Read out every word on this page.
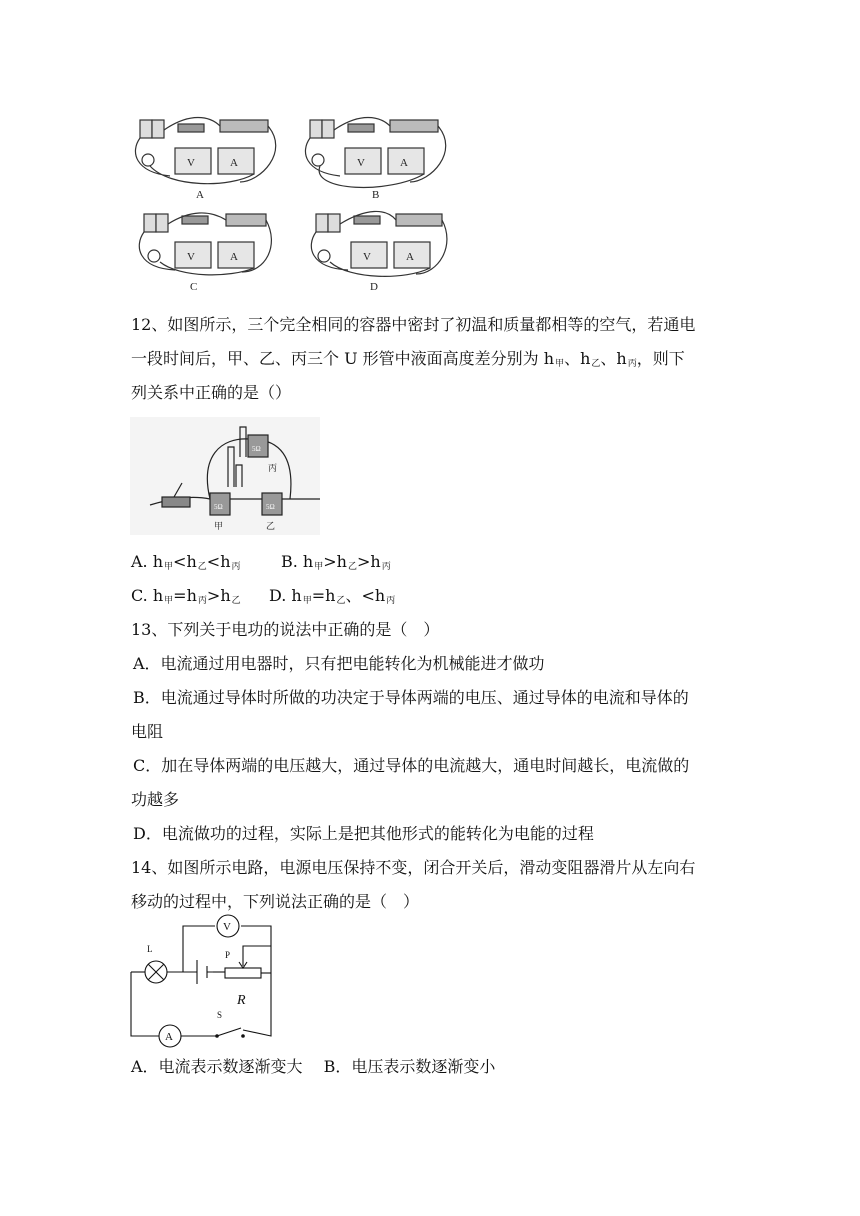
V	A
A
V	A
B
V	A
C
V	A
D
12、如图所示，三个完全相同的容器中密封了初温和质量都相等的空气，若通电
一段时间后，甲、乙、丙三个 U 形管中液面高度差分别为 $h_甲$、$h_乙$、$h_丙$，则下
列关系中正确的是（）
丙
甲	乙
5Ω	5Ω
5Ω
A. $h_甲<h_乙<h_丙$	B. $h_甲>h_乙>h_丙$
C. $h_甲=h_丙>h_乙$ D. $h_甲=h_乙$、$<h_丙$
13、下列关于电功的说法中正确的是（　）
A．电流通过用电器时，只有把电能转化为机械能进才做功
B．电流通过导体时所做的功决定于导体两端的电压、通过导体的电流和导体的
电阻
C．加在导体两端的电压越大，通过导体的电流越大，通电时间越长，电流做的
功越多
D．电流做功的过程，实际上是把其他形式的能转化为电能的过程
14、如图所示电路，电源电压保持不变，闭合开关后，滑动变阻器滑片从左向右
移动的过程中，下列说法正确的是（　）
V
A
L
P
R
S
A．电流表示数逐渐变大　 B．电压表示数逐渐变小
